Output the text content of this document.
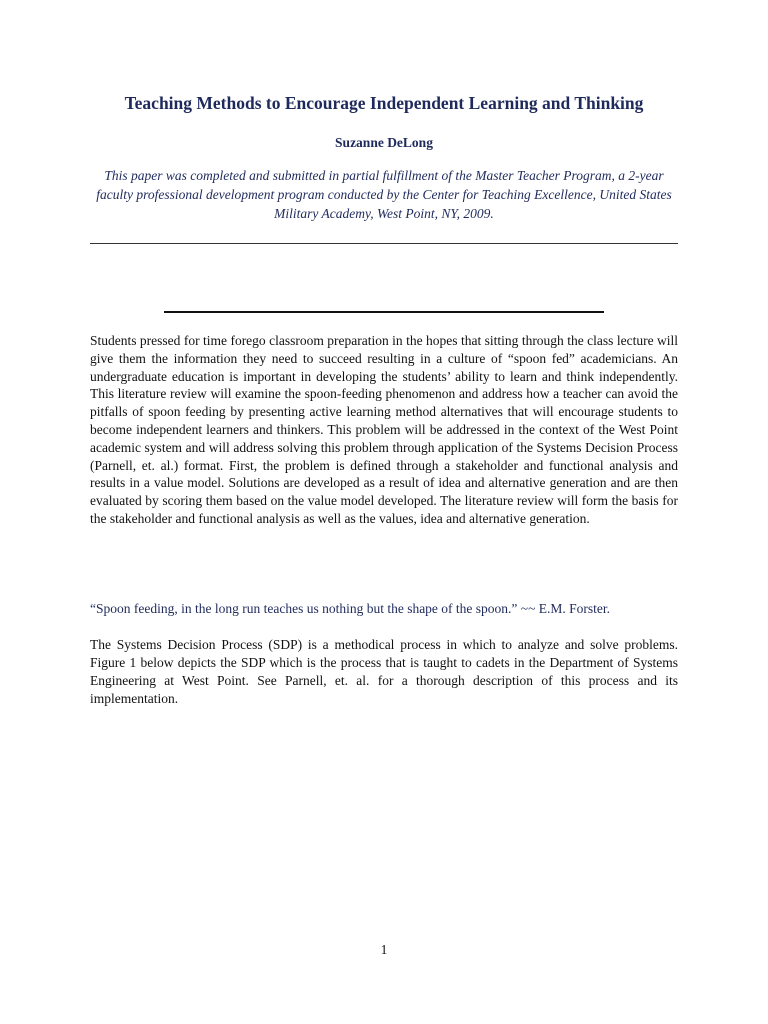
Teaching Methods to Encourage Independent Learning and Thinking
Suzanne DeLong
This paper was completed and submitted in partial fulfillment of the Master Teacher Program, a 2-year faculty professional development program conducted by the Center for Teaching Excellence, United States Military Academy, West Point, NY, 2009.
Students pressed for time forego classroom preparation in the hopes that sitting through the class lecture will give them the information they need to succeed resulting in a culture of “spoon fed” academicians. An undergraduate education is important in developing the students’ ability to learn and think independently. This literature review will examine the spoon-feeding phenomenon and address how a teacher can avoid the pitfalls of spoon feeding by presenting active learning method alternatives that will encourage students to become independent learners and thinkers. This problem will be addressed in the context of the West Point academic system and will address solving this problem through application of the Systems Decision Process (Parnell, et. al.) format. First, the problem is defined through a stakeholder and functional analysis and results in a value model. Solutions are developed as a result of idea and alternative generation and are then evaluated by scoring them based on the value model developed. The literature review will form the basis for the stakeholder and functional analysis as well as the values, idea and alternative generation.
“Spoon feeding, in the long run teaches us nothing but the shape of the spoon.” ~~ E.M. Forster.
The Systems Decision Process (SDP) is a methodical process in which to analyze and solve problems. Figure 1 below depicts the SDP which is the process that is taught to cadets in the Department of Systems Engineering at West Point. See Parnell, et. al. for a thorough description of this process and its implementation.
1
